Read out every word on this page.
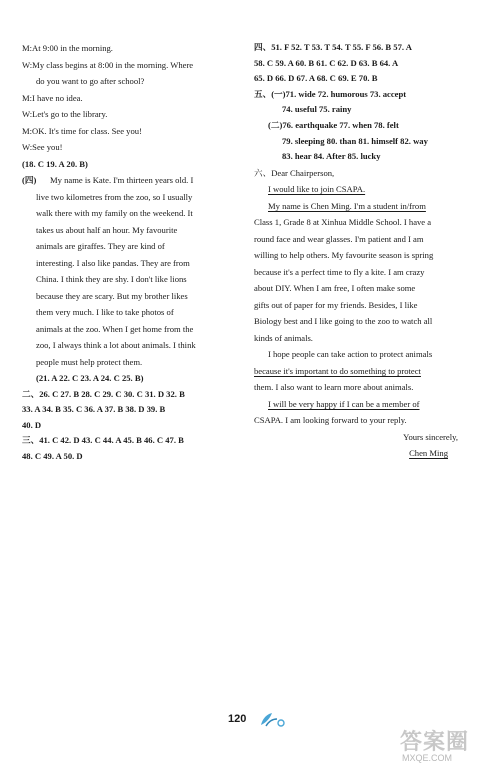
M:At 9:00 in the morning.
W:My class begins at 8:00 in the morning. Where
do you want to go after school?
M:I have no idea.
W:Let's go to the library.
M:OK. It's time for class. See you!
W:See you!
(18. C 19. A 20. B)
(四)	My name is Kate. I'm thirteen years old. I
live two kilometres from the zoo, so I usually
walk there with my family on the weekend. It
takes us about half an hour. My favourite
animals are giraffes. They are kind of
interesting. I also like pandas. They are from
China. I think they are shy. I don't like lions
because they are scary. But my brother likes
them very much. I like to take photos of
animals at the zoo. When I get home from the
zoo, I always think a lot about animals. I think
people must help protect them.
(21. A 22. C 23. A 24. C 25. B)
二、26. C 27. B 28. C 29. C 30. C 31. D 32. B
33. A 34. B 35. C 36. A 37. B 38. D 39. B
40. D
三、41. C 42. D 43. C 44. A 45. B 46. C 47. B
48. C 49. A 50. D
四、51. F 52. T 53. T 54. T 55. F 56. B 57. A
58. C 59. A 60. B 61. C 62. D 63. B 64. A
65. D 66. D 67. A 68. C 69. E 70. B
五、(一)71. wide 72. humorous 73. accept
74. useful 75. rainy
(二)76. earthquake 77. when 78. felt
79. sleeping 80. than 81. himself 82. way
83. hear 84. After 85. lucky
六、Dear Chairperson,
I would like to join CSAPA.
My name is Chen Ming. I'm a student in/from
Class 1, Grade 8 at Xinhua Middle School. I have a
round face and wear glasses. I'm patient and I am
willing to help others. My favourite season is spring
because it's a perfect time to fly a kite. I am crazy
about DIY. When I am free, I often make some
gifts out of paper for my friends. Besides, I like
Biology best and I like going to the zoo to watch all
kinds of animals.
I hope people can take action to protect animals
because it's important to do something to protect
them. I also want to learn more about animals.
I will be very happy if I can be a member of
CSAPA. I am looking forward to your reply.
Yours sincerely,
Chen Ming
120
答案圈
MXQE.COM
